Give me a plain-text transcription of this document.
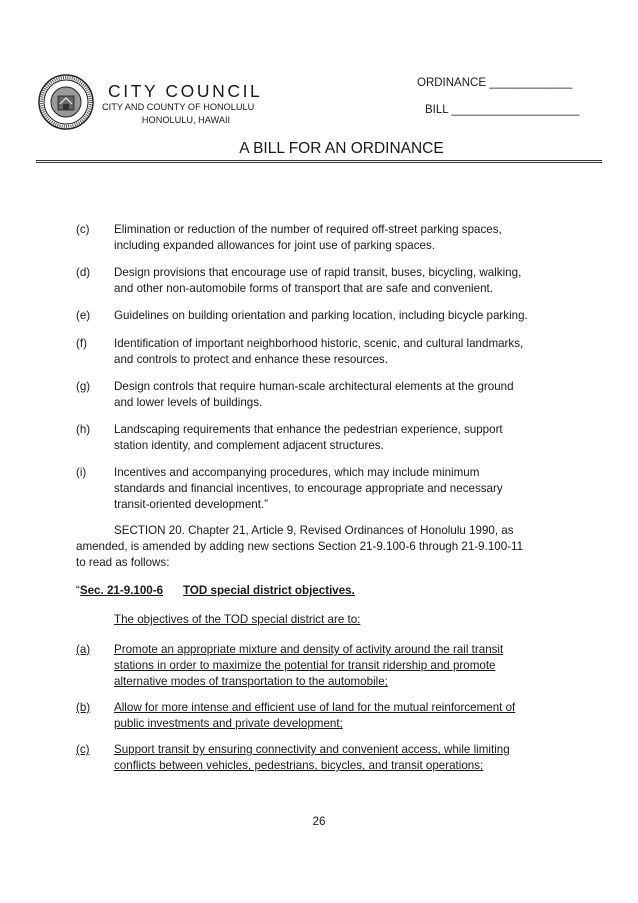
CITY COUNCIL
CITY AND COUNTY OF HONOLULU
HONOLULU, HAWAII
ORDINANCE _____________
BILL ____________________
A BILL FOR AN ORDINANCE
(c) Elimination or reduction of the number of required off-street parking spaces,
including expanded allowances for joint use of parking spaces.
(d) Design provisions that encourage use of rapid transit, buses, bicycling, walking,
and other non-automobile forms of transport that are safe and convenient.
(e) Guidelines on building orientation and parking location, including bicycle parking.
(f) Identification of important neighborhood historic, scenic, and cultural landmarks,
and controls to protect and enhance these resources.
(g) Design controls that require human-scale architectural elements at the ground
and lower levels of buildings.
(h) Landscaping requirements that enhance the pedestrian experience, support
station identity, and complement adjacent structures.
(i) Incentives and accompanying procedures, which may include minimum
standards and financial incentives, to encourage appropriate and necessary
transit-oriented development.”
SECTION 20. Chapter 21, Article 9, Revised Ordinances of Honolulu 1990, as
amended, is amended by adding new sections Section 21-9.100-6 through 21-9.100-11
to read as follows:
“Sec. 21-9.100-6 TOD special district objectives.
The objectives of the TOD special district are to:
(a) Promote an appropriate mixture and density of activity around the rail transit
stations in order to maximize the potential for transit ridership and promote
alternative modes of transportation to the automobile;
(b) Allow for more intense and efficient use of land for the mutual reinforcement of
public investments and private development;
(c) Support transit by ensuring connectivity and convenient access, while limiting
conflicts between vehicles, pedestrians, bicycles, and transit operations;
26
